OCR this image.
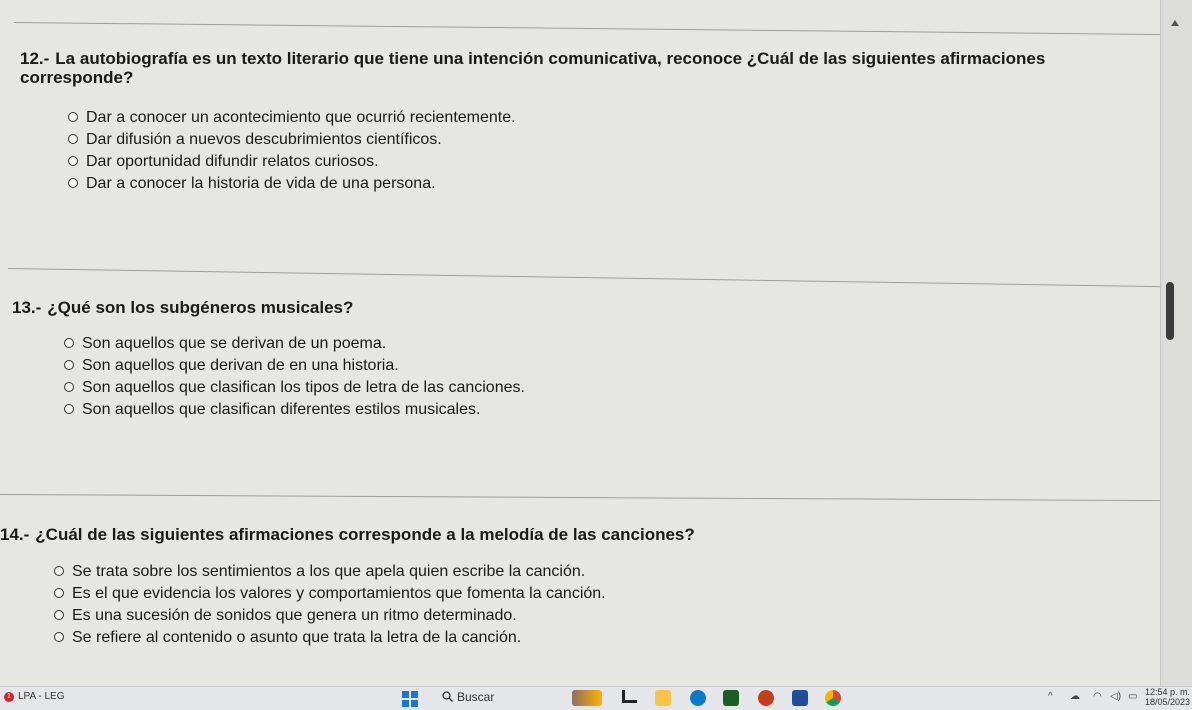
12.- La autobiografía es un texto literario que tiene una intención comunicativa, reconoce ¿Cuál de las siguientes afirmaciones corresponde?

Dar a conocer un acontecimiento que ocurrió recientemente.
Dar difusión a nuevos descubrimientos científicos.
Dar oportunidad difundir relatos curiosos.
Dar a conocer la historia de vida de una persona.

13.- ¿Qué son los subgéneros musicales?

Son aquellos que se derivan de un poema.
Son aquellos que derivan de en una historia.
Son aquellos que clasifican los tipos de letra de las canciones.
Son aquellos que clasifican diferentes estilos musicales.

14.- ¿Cuál de las siguientes afirmaciones corresponde a la melodía de las canciones?

Se trata sobre los sentimientos a los que apela quien escribe la canción.
Es el que evidencia los valores y comportamientos que fomenta la canción.
Es una sucesión de sonidos que genera un ritmo determinado.
Se refiere al contenido o asunto que trata la letra de la canción.
1 LPA - LEG	Buscar	^ ☁ ◠ ◁) ▭ 12:54 p. m.
18/05/2023
